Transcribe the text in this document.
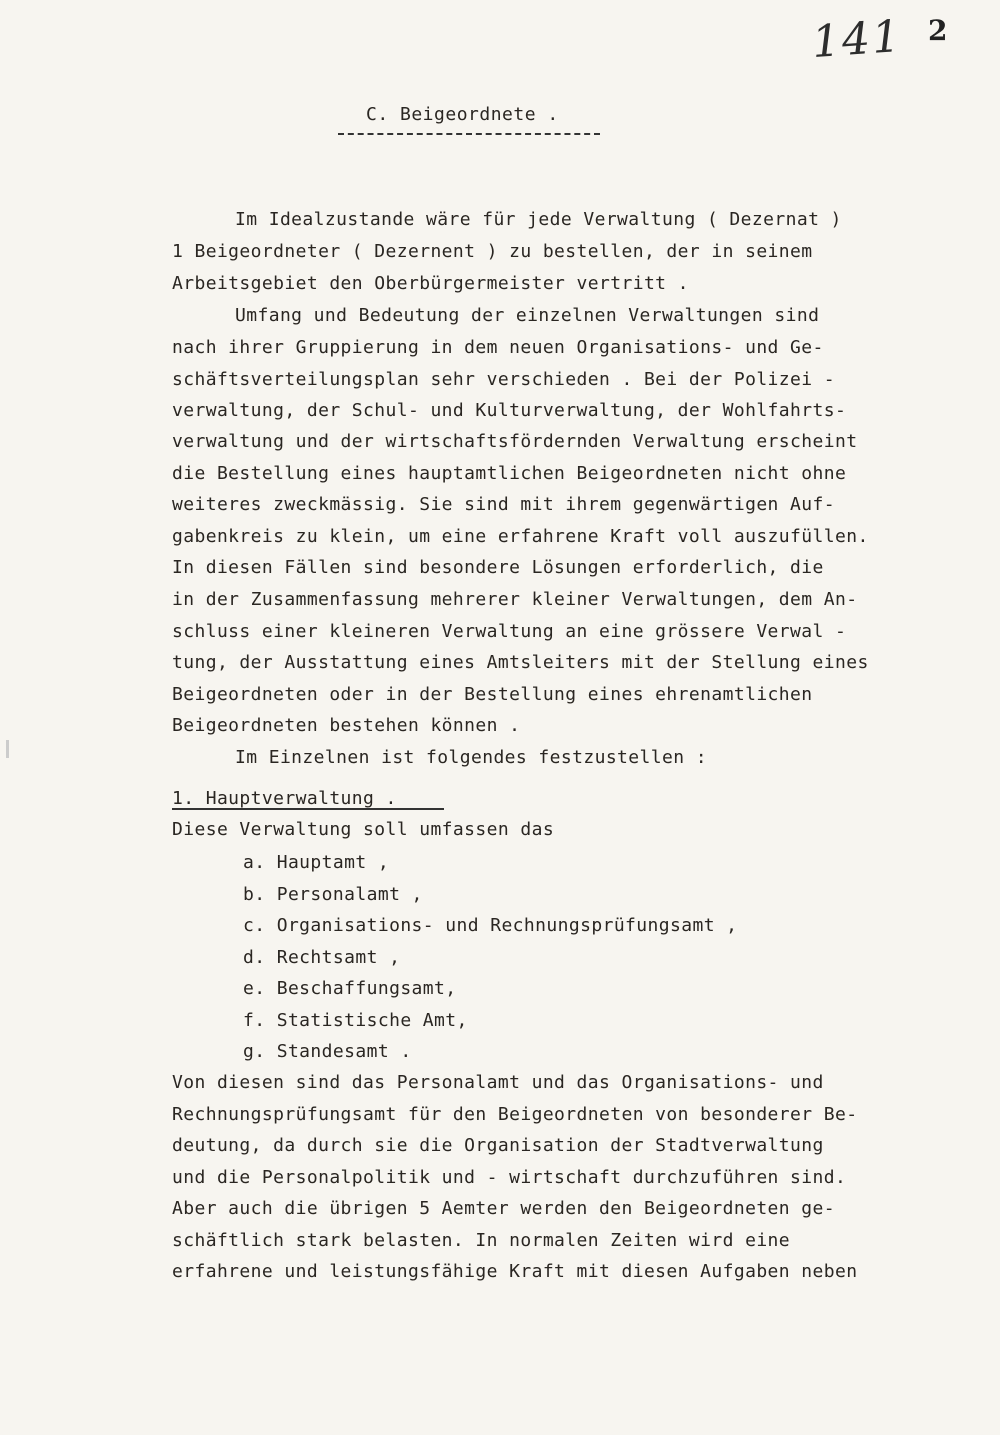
141 2
C. Beigeordnete .
Im Idealzustande wäre für jede Verwaltung ( Dezernat )
1 Beigeordneter ( Dezernent ) zu bestellen, der in seinem
Arbeitsgebiet den Oberbürgermeister vertritt .
Umfang und Bedeutung der einzelnen Verwaltungen sind
nach ihrer Gruppierung in dem neuen Organisations- und Ge-
schäftsverteilungsplan sehr verschieden . Bei der Polizei -
verwaltung, der Schul- und Kulturverwaltung, der Wohlfahrts-
verwaltung und der wirtschaftsfördernden Verwaltung erscheint
die Bestellung eines hauptamtlichen Beigeordneten nicht ohne
weiteres zweckmässig. Sie sind mit ihrem gegenwärtigen Auf-
gabenkreis zu klein, um eine erfahrene Kraft voll auszufüllen.
In diesen Fällen sind besondere Lösungen erforderlich, die
in der Zusammenfassung mehrerer kleiner Verwaltungen, dem An-
schluss einer kleineren Verwaltung an eine grössere Verwal -
tung, der Ausstattung eines Amtsleiters mit der Stellung eines
Beigeordneten oder in der Bestellung eines ehrenamtlichen
Beigeordneten bestehen können .
Im Einzelnen ist folgendes festzustellen :
1. Hauptverwaltung .
Diese Verwaltung soll umfassen das
a. Hauptamt ,
b. Personalamt ,
c. Organisations- und Rechnungsprüfungsamt ,
d. Rechtsamt ,
e. Beschaffungsamt,
f. Statistische Amt,
g. Standesamt .
Von diesen sind das Personalamt und das Organisations- und
Rechnungsprüfungsamt für den Beigeordneten von besonderer Be-
deutung, da durch sie die Organisation der Stadtverwaltung
und die Personalpolitik und - wirtschaft durchzuführen sind.
Aber auch die übrigen 5 Aemter werden den Beigeordneten ge-
schäftlich stark belasten. In normalen Zeiten wird eine
erfahrene und leistungsfähige Kraft mit diesen Aufgaben neben
